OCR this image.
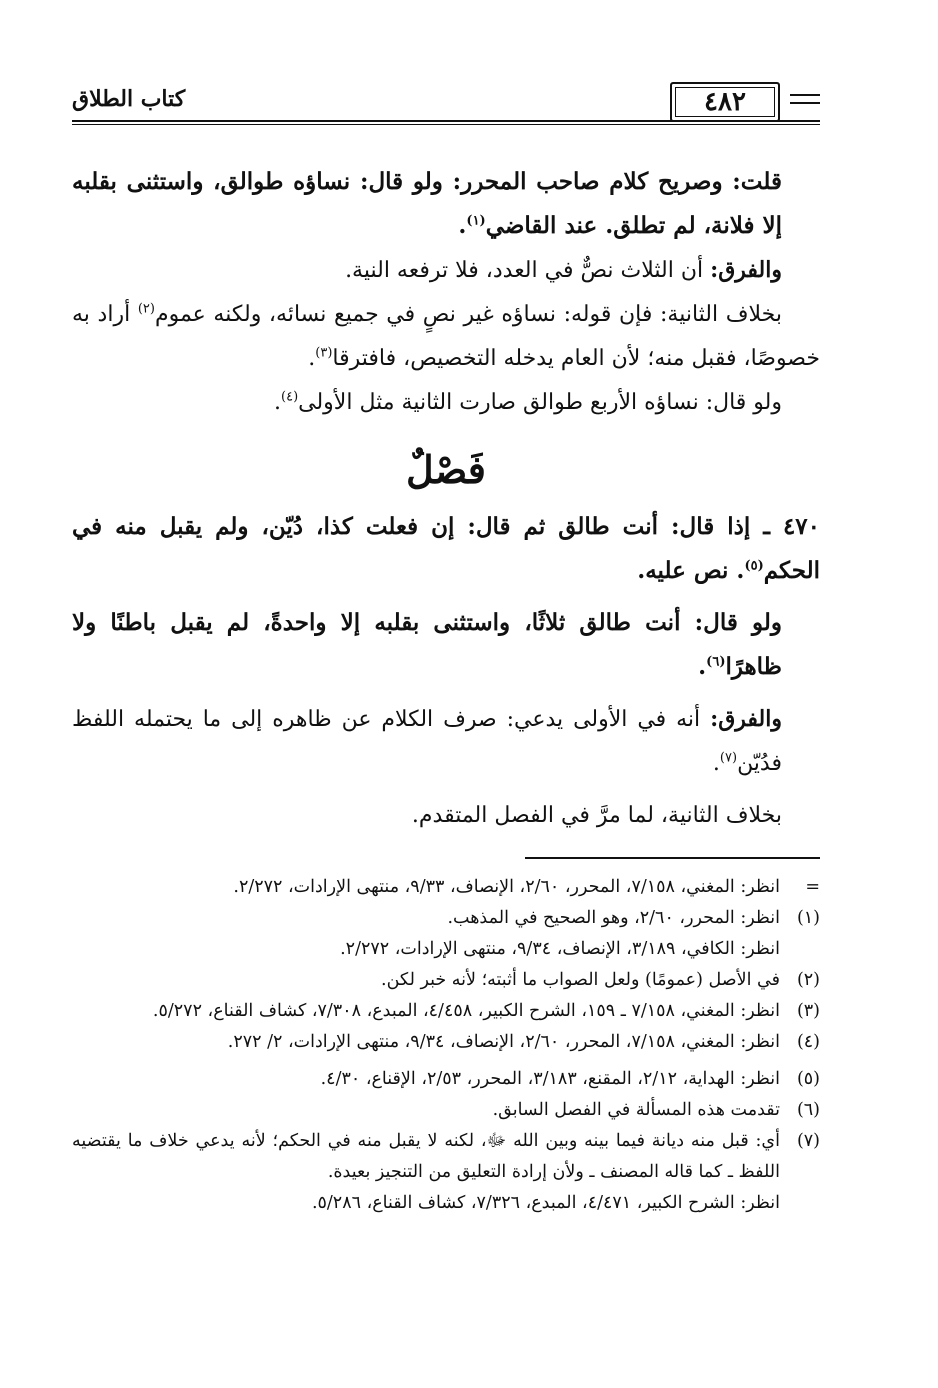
٤٨٢
كتاب الطلاق

قلت: وصريح كلام صاحب المحرر: ولو قال: نساؤه طوالق، واستثنى بقلبه إلا فلانة، لم تطلق. عند القاضي$^{(١)}$.

والفرق: أن الثلاث نصٌّ في العدد، فلا ترفعه النية.

بخلاف الثانية: فإن قوله: نساؤه غير نصٍ في جميع نسائه، ولكنه عموم$^{(٢)}$ أراد به خصوصًا، فقبل منه؛ لأن العام يدخله التخصيص، فافترقا$^{(٣)}$.

ولو قال: نساؤه الأربع طوالق صارت الثانية مثل الأولى$^{(٤)}$.

فَصْلٌ

٤٧٠ ـ إذا قال: أنت طالق ثم قال: إن فعلت كذا، دُيّن، ولم يقبل منه في الحكم$^{(٥)}$. نص عليه.

ولو قال: أنت طالق ثلاثًا، واستثنى بقلبه إلا واحدةً، لم يقبل باطنًا ولا ظاهرًا$^{(٦)}$.

والفرق: أنه في الأولى يدعي: صرف الكلام عن ظاهره إلى ما يحتمله اللفظ فدُيّن$^{(٧)}$.

بخلاف الثانية، لما مرَّ في الفصل المتقدم.

=
انظر: المغني، ٧/١٥٨، المحرر، ٢/٦٠، الإنصاف، ٩/٣٣، منتهى الإرادات، ٢/٢٧٢.
(١)
انظر: المحرر، ٢/٦٠، وهو الصحيح في المذهب.
انظر: الكافي، ٣/١٨٩، الإنصاف، ٩/٣٤، منتهى الإرادات، ٢/٢٧٢.
(٢)
في الأصل (عمومًا) ولعل الصواب ما أثبته؛ لأنه خبر لكن.
(٣)
انظر: المغني، ٧/١٥٨ ـ ١٥٩، الشرح الكبير، ٤/٤٥٨، المبدع، ٧/٣٠٨، كشاف القناع، ٥/٢٧٢.
(٤)
انظر: المغني، ٧/١٥٨، المحرر، ٢/٦٠، الإنصاف، ٩/٣٤، منتهى الإرادات، ٢/ ٢٧٢.
(٥)
انظر: الهداية، ٢/١٢، المقنع، ٣/١٨٣، المحرر، ٢/٥٣، الإقناع، ٤/٣٠.
(٦)
تقدمت هذه المسألة في الفصل السابق.
(٧)
أي: قبل منه ديانة فيما بينه وبين الله ﷻ، لكنه لا يقبل منه في الحكم؛ لأنه يدعي خلاف ما يقتضيه اللفظ ـ كما قاله المصنف ـ ولأن إرادة التعليق من التنجيز بعيدة.
انظر: الشرح الكبير، ٤/٤٧١، المبدع، ٧/٣٢٦، كشاف القناع، ٥/٢٨٦.
